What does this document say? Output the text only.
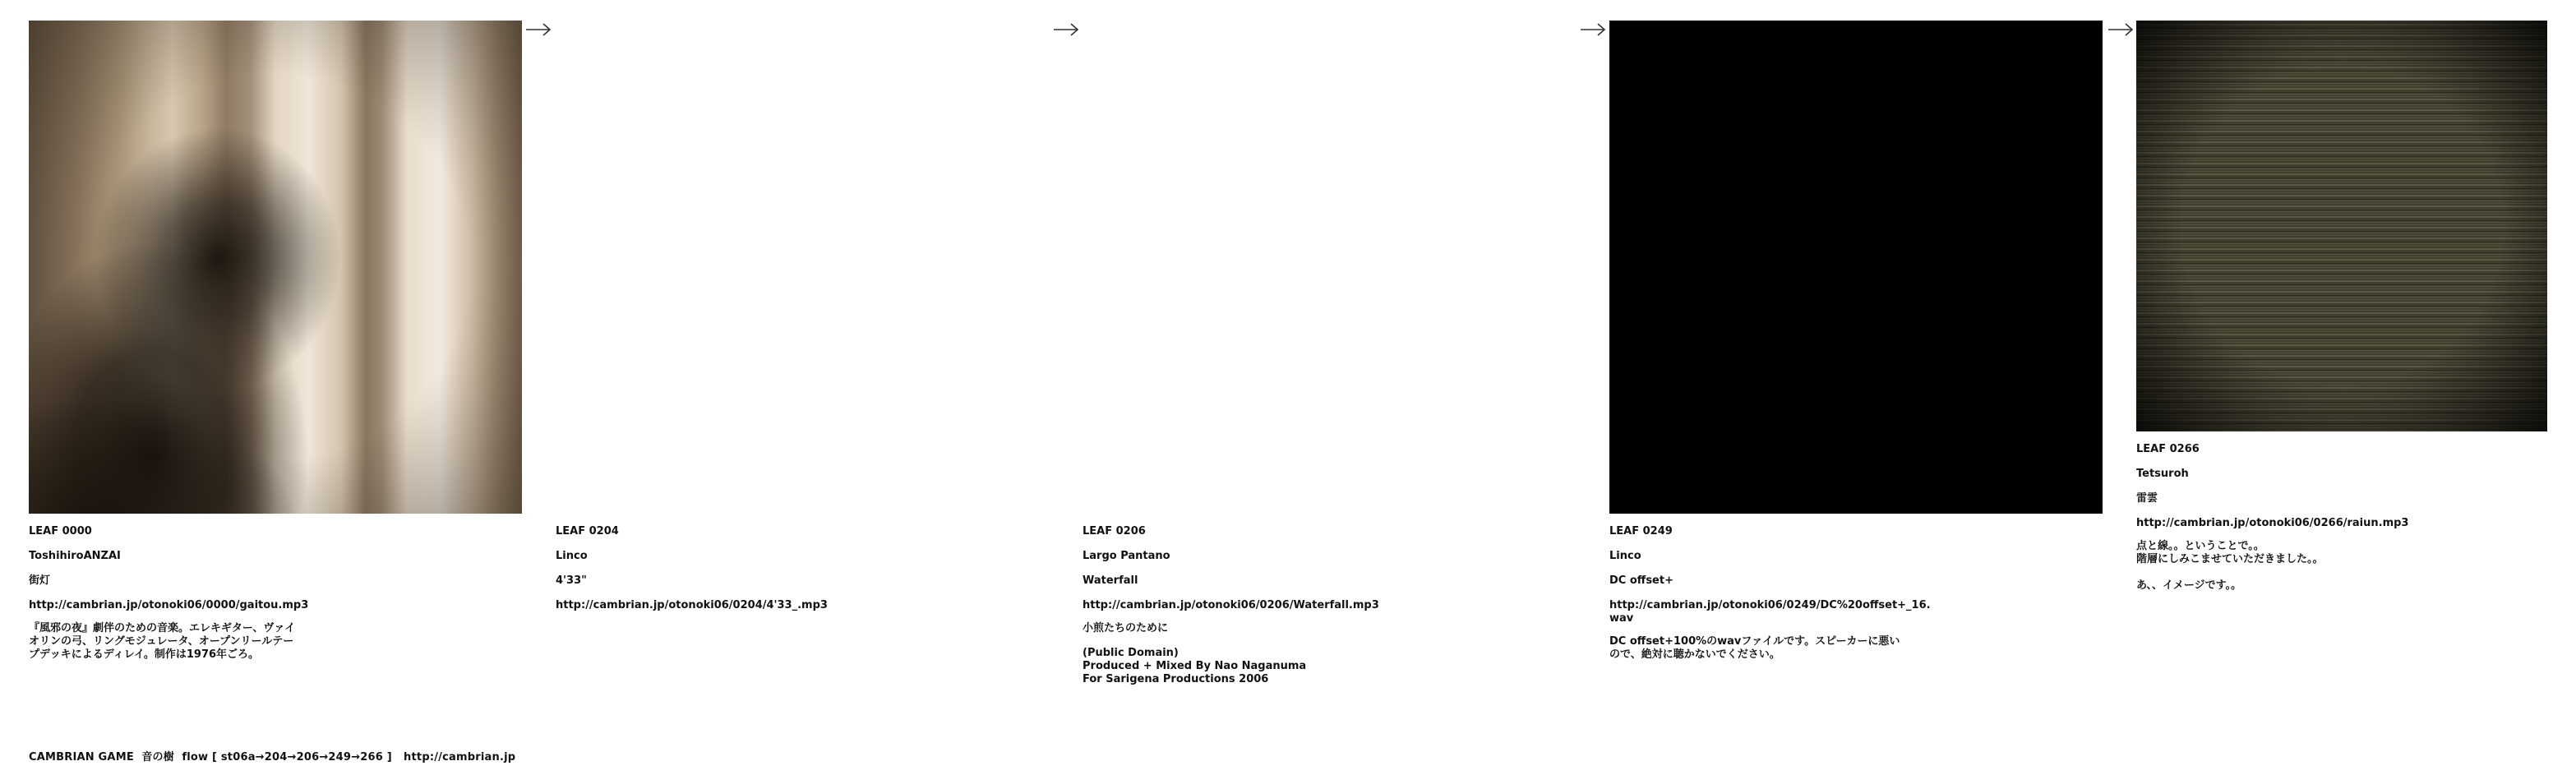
LEAF 0000
ToshihiroANZAI
街灯
http://cambrian.jp/otonoki06/0000/gaitou.mp3
『風邪の夜』劇伴のための音楽。エレキギター、ヴァイ
オリンの弓、リングモジュレータ、オープンリールテー
プデッキによるディレイ。制作は1976年ごろ。
LEAF 0204
Linco
4'33"
http://cambrian.jp/otonoki06/0204/4'33_.mp3
LEAF 0206
Largo Pantano
Waterfall
http://cambrian.jp/otonoki06/0206/Waterfall.mp3
小煎たちのために
(Public Domain)
Produced + Mixed By Nao Naganuma
For Sarigena Productions 2006
LEAF 0249
Linco
DC offset+
http://cambrian.jp/otonoki06/0249/DC%20offset+_16.
wav
DC offset+100%のwavファイルです。スピーカーに悪い
ので、絶対に聴かないでください。
LEAF 0266
Tetsuroh
雷雲
http://cambrian.jp/otonoki06/0266/raiun.mp3
点と線。。ということで。。
階層にしみこませていただきました。。

あ、、イメージです。。
CAMBRIAN GAME  音の樹  flow [ st06a→204→206→249→266 ]   http://cambrian.jp
